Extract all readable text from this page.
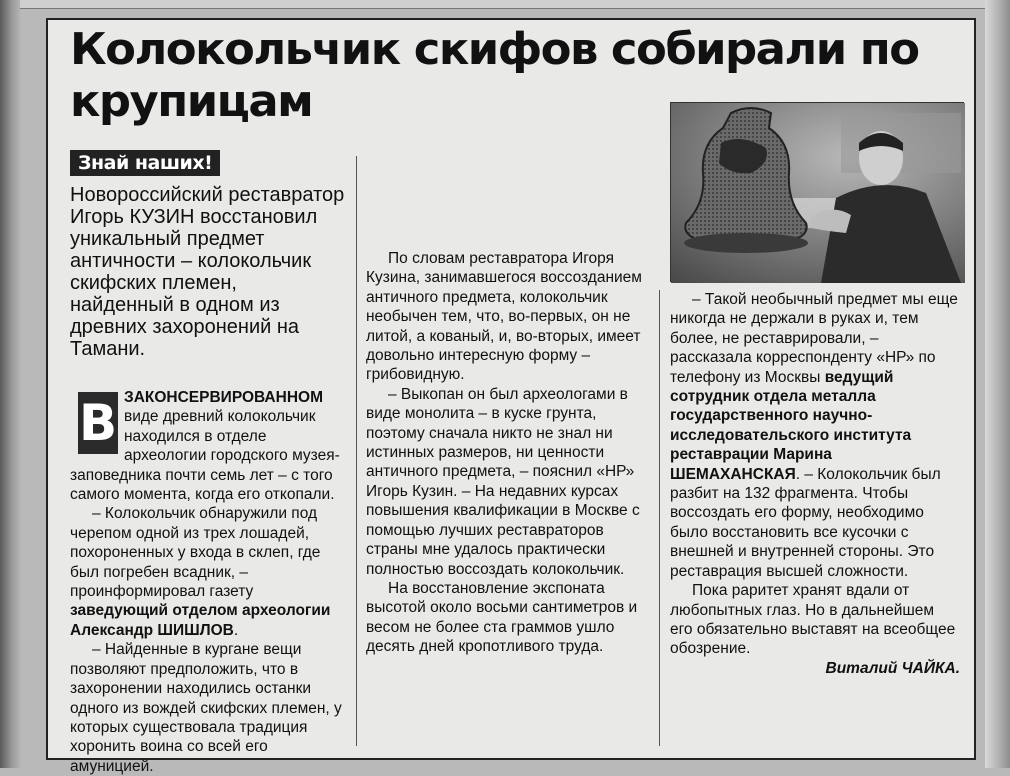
Колокольчик скифов собирали по крупицам
Знай наших!

Новороссийский реставратор Игорь КУЗИН восстановил уникальный предмет античности – колокольчик скифских племен, найденный в одном из древних захоронений на Тамани.

В ЗАКОНСЕРВИРОВАННОМ виде древний колокольчик находился в отделе археологии городского музея-заповедника почти семь лет – с того самого момента, когда его откопали.

– Колокольчик обнаружили под черепом одной из трех лошадей, похороненных у входа в склеп, где был погребен всадник, – проинформировал газету заведующий отделом археологии Александр ШИШЛОВ.

– Найденные в кургане вещи позволяют предположить, что в захоронении находились останки одного из вождей скифских племен, у которых существовала традиция хоронить воина со всей его амуницией.

По словам реставратора Игоря Кузина, занимавшегося воссозданием античного предмета, колокольчик необычен тем, что, во-первых, он не литой, а кованый, и, во-вторых, имеет довольно интересную форму – грибовидную.

– Выкопан он был археологами в виде монолита – в куске грунта, поэтому сначала никто не знал ни истинных размеров, ни ценности античного предмета, – пояснил «НР» Игорь Кузин. – На недавних курсах повышения квалификации в Москве с помощью лучших реставраторов страны мне удалось практически полностью воссоздать колокольчик.

На восстановление экспоната высотой около восьми сантиметров и весом не более ста граммов ушло десять дней кропотливого труда.

– Такой необычный предмет мы еще никогда не держали в руках и, тем более, не реставрировали, – рассказала корреспонденту «НР» по телефону из Москвы ведущий сотрудник отдела металла государственного научно-исследовательского института реставрации Марина ШЕМАХАНСКАЯ. – Колокольчик был разбит на 132 фрагмента. Чтобы воссоздать его форму, необходимо было восстановить все кусочки с внешней и внутренней стороны. Это реставрация высшей сложности.

Пока раритет хранят вдали от любопытных глаз. Но в дальнейшем его обязательно выставят на всеобщее обозрение.

Виталий ЧАЙКА.
